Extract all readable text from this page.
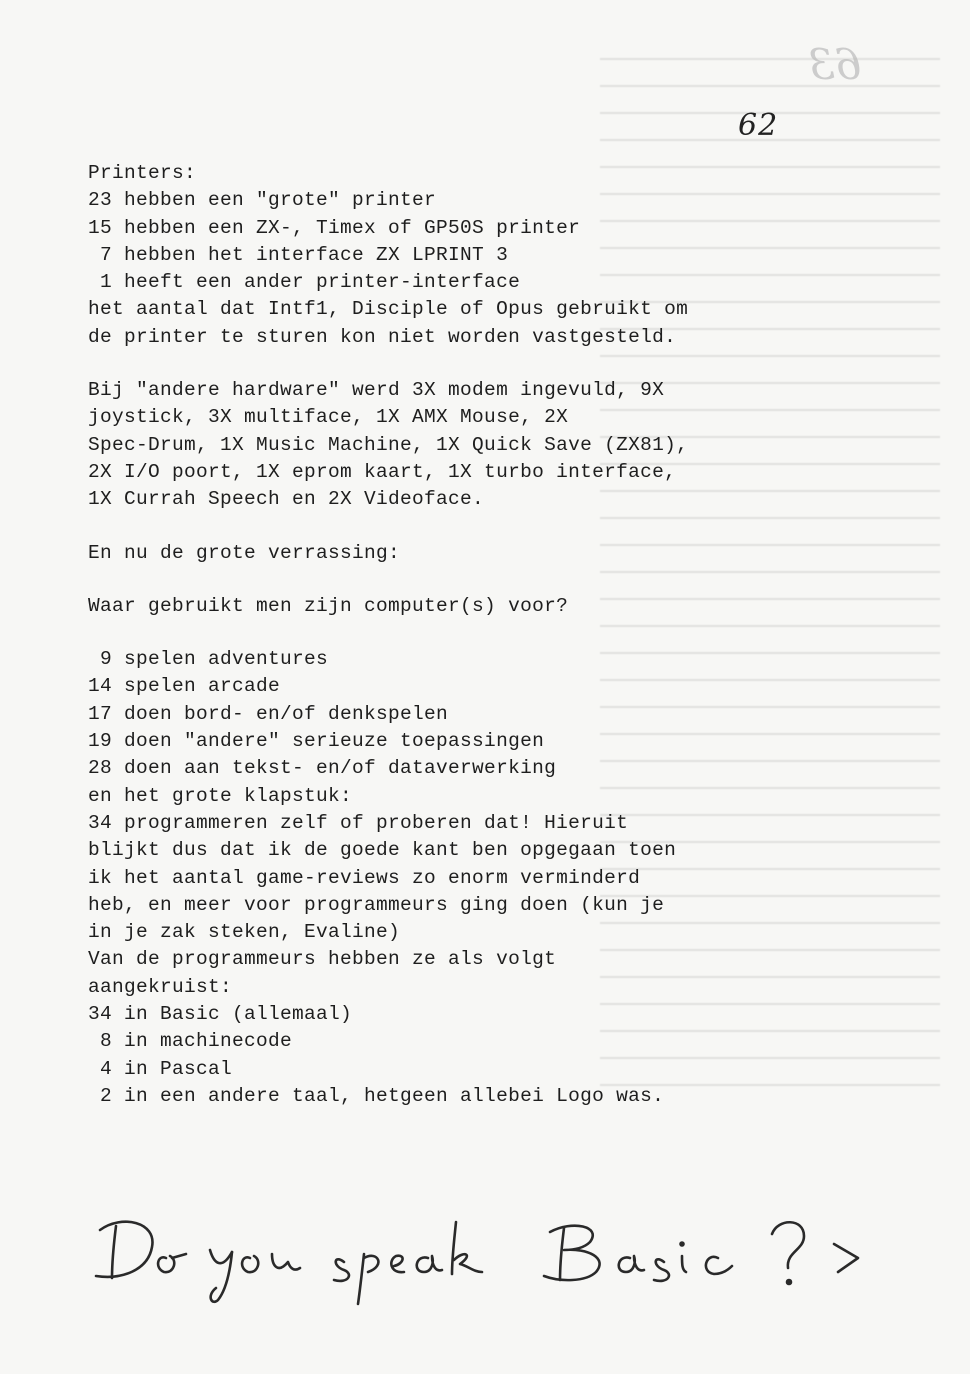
63
62
Printers:
23 hebben een "grote" printer
15 hebben een ZX-, Timex of GP50S printer
7 hebben het interface ZX LPRINT 3
1 heeft een ander printer-interface
het aantal dat Intf1, Disciple of Opus gebruikt om
de printer te sturen kon niet worden vastgesteld.
Bij "andere hardware" werd 3X modem ingevuld, 9X
joystick, 3X multiface, 1X AMX Mouse, 2X
Spec-Drum, 1X Music Machine, 1X Quick Save (ZX81),
2X I/O poort, 1X eprom kaart, 1X turbo interface,
1X Currah Speech en 2X Videoface.
En nu de grote verrassing:
Waar gebruikt men zijn computer(s) voor?
9 spelen adventures
14 spelen arcade
17 doen bord- en/of denkspelen
19 doen "andere" serieuze toepassingen
28 doen aan tekst- en/of dataverwerking
en het grote klapstuk:
34 programmeren zelf of proberen dat! Hieruit
blijkt dus dat ik de goede kant ben opgegaan toen
ik het aantal game-reviews zo enorm verminderd
heb, en meer voor programmeurs ging doen (kun je
in je zak steken, Evaline)
Van de programmeurs hebben ze als volgt
aangekruist:
34 in Basic (allemaal)
8 in machinecode
4 in Pascal
2 in een andere taal, hetgeen allebei Logo was.
